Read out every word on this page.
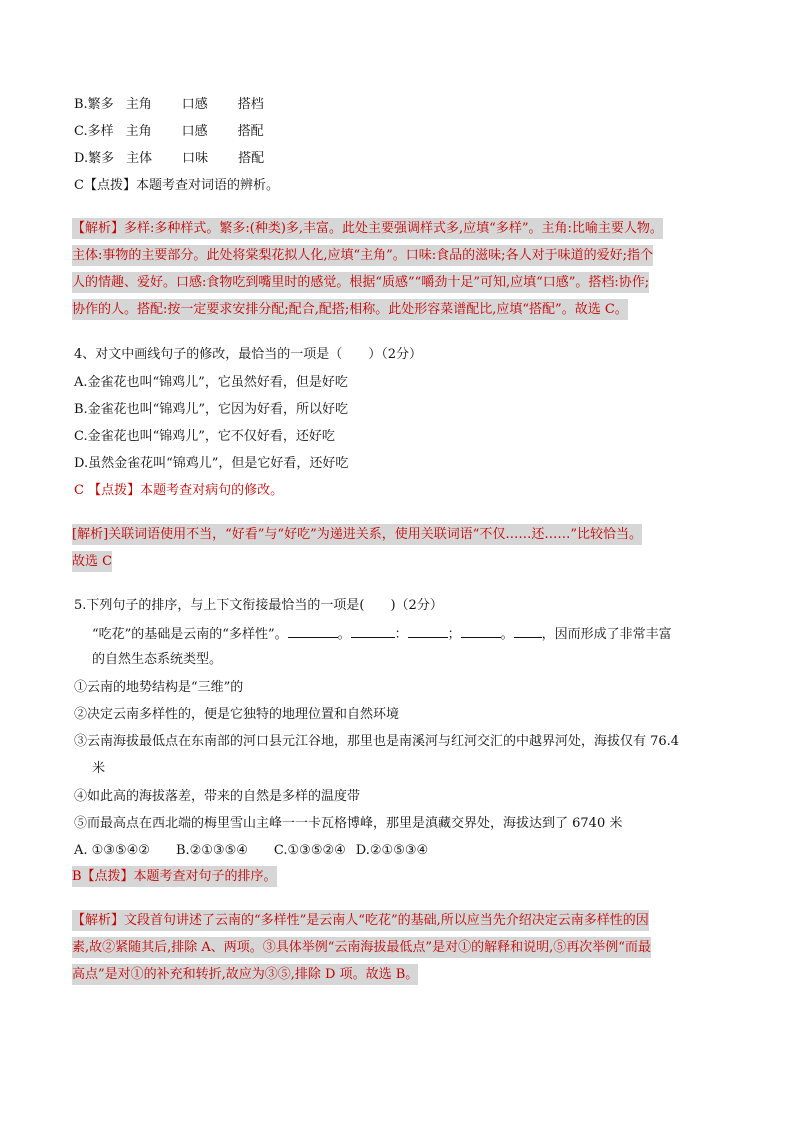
B.繁多 主角 口感 搭档
C.多样 主角 口感 搭配
D.繁多 主体 口味 搭配
C【点拨】本题考查对词语的辨析。
【解析】多样:多种样式。繁多:(种类)多,丰富。此处主要强调样式多,应填“多样”。主角:比喻主要人物。
主体:事物的主要部分。此处将棠梨花拟人化,应填“主角”。口味:食品的滋味;各人对于味道的爱好;指个
人的情趣、爱好。口感:食物吃到嘴里时的感觉。根据“质感”“嚼劲十足”可知,应填“口感”。搭档:协作;
协作的人。搭配:按一定要求安排分配;配合,配搭;相称。此处形容菜谱配比,应填“搭配”。故选 C。
4、对文中画线句子的修改，最恰当的一项是（　　）（2分）
A.金雀花也叫“锦鸡儿”，它虽然好看，但是好吃
B.金雀花也叫“锦鸡儿”，它因为好看，所以好吃
C.金雀花也叫“锦鸡儿”，它不仅好看，还好吃
D.虽然金雀花叫“锦鸡儿”，但是它好看，还好吃
C 【点拨】本题考查对病句的修改。
[解析]关联词语使用不当，“好看”与“好吃”为递进关系，使用关联词语“不仅……还……”比较恰当。
故选 C
5.下列句子的排序，与上下文衔接最恰当的一项是(　　)（2分）
“吃花”的基础是云南的“多样性”。	。	：	；	。 ，因而形成了非常丰富
的自然生态系统类型。
①云南的地势结构是“三维”的
②决定云南多样性的，便是它独特的地理位置和自然环境
③云南海拔最低点在东南部的河口县元江谷地，那里也是南溪河与红河交汇的中越界河处，海拔仅有 76.4
米
④如此高的海拔落差，带来的自然是多样的温度带
⑤而最高点在西北端的梅里雪山主峰一一卡瓦格博峰，那里是滇藏交界处，海拔达到了 6740 米
A. ①③⑤④② B.②①③⑤④ C.①③⑤②④ D.②①⑤③④
B【点拨】本题考查对句子的排序。
【解析】文段首句讲述了云南的“多样性”是云南人“吃花”的基础,所以应当先介绍决定云南多样性的因
素,故②紧随其后,排除 A、两项。③具体举例“云南海拔最低点”是对①的解释和说明,⑤再次举例“而最
高点”是对①的补充和转折,故应为③⑤,排除 D 项。故选 B。
